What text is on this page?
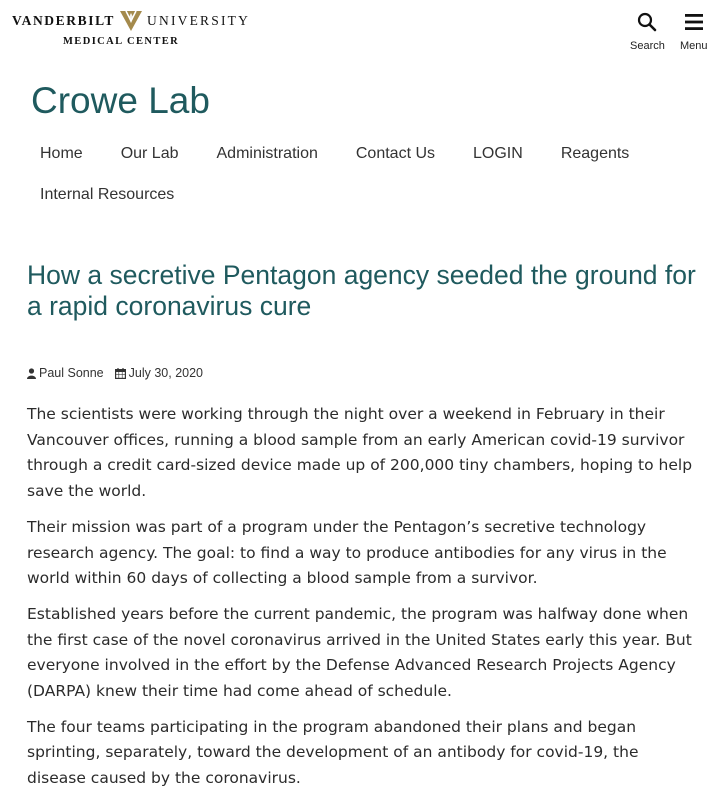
VANDERBILT UNIVERSITY
MEDICAL CENTER	Search Menu
Crowe Lab
Home Our Lab Administration Contact Us LOGIN Reagents
Internal Resources
How a secretive Pentagon agency seeded the ground for a rapid coronavirus cure
Paul Sonne July 30, 2020

The scientists were working through the night over a weekend in February in their Vancouver offices, running a blood sample from an early American covid-19 survivor through a credit card-sized device made up of 200,000 tiny chambers, hoping to help save the world.

Their mission was part of a program under the Pentagon’s secretive technology research agency. The goal: to find a way to produce antibodies for any virus in the world within 60 days of collecting a blood sample from a survivor.

Established years before the current pandemic, the program was halfway done when the first case of the novel coronavirus arrived in the United States early this year. But everyone involved in the effort by the Defense Advanced Research Projects Agency (DARPA) knew their time had come ahead of schedule.

The four teams participating in the program abandoned their plans and began sprinting, separately, toward the development of an antibody for covid-19, the disease caused by the coronavirus.
